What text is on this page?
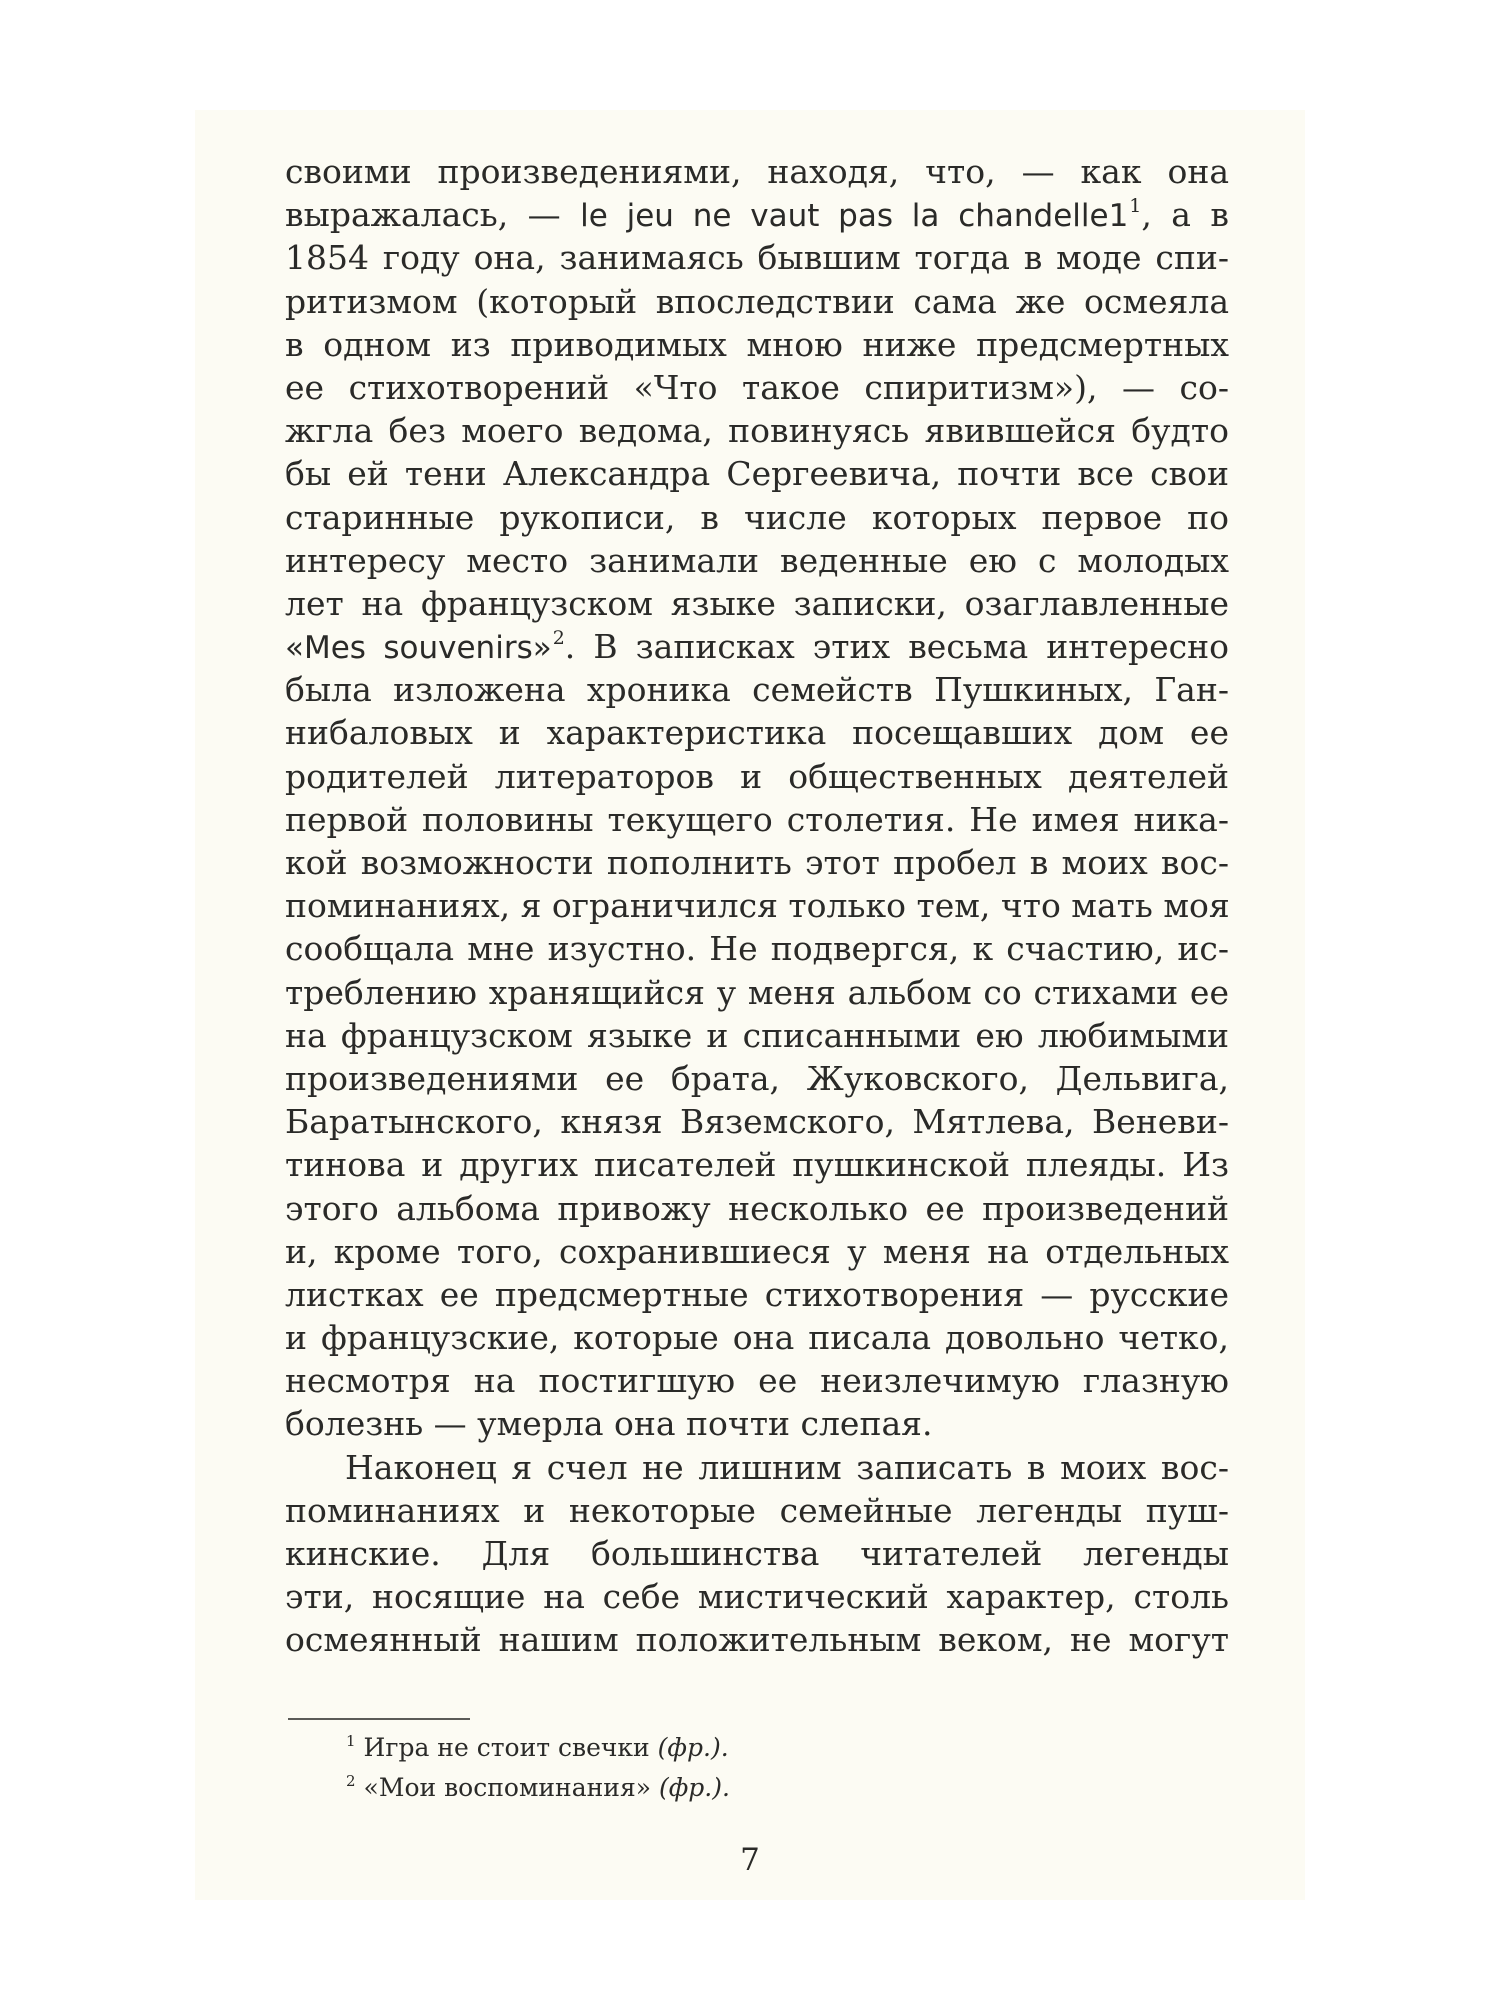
своими произведениями, находя, что, — как она
выражалась, — le jeu ne vaut pas la chandelle1$^1$, а в
1854 году она, занимаясь бывшим тогда в моде спи-
ритизмом (который впоследствии сама же осмеяла
в одном из приводимых мною ниже предсмертных
ее стихотворений «Что такое спиритизм»), — со-
жгла без моего ведома, повинуясь явившейся будто
бы ей тени Александра Сергеевича, почти все свои
старинные рукописи, в числе которых первое по
интересу место занимали веденные ею с молодых
лет на французском языке записки, озаглавленные
«Mes souvenirs»$^2$. В записках этих весьма интересно
была изложена хроника семейств Пушкиных, Ган-
нибаловых и характеристика посещавших дом ее
родителей литераторов и общественных деятелей
первой половины текущего столетия. Не имея ника-
кой возможности пополнить этот пробел в моих вос-
поминаниях, я ограничился только тем, что мать моя
сообщала мне изустно. Не подвергся, к счастию, ис-
треблению хранящийся у меня альбом со стихами ее
на французском языке и списанными ею любимыми
произведениями ее брата, Жуковского, Дельвига,
Баратынского, князя Вяземского, Мятлева, Веневи-
тинова и других писателей пушкинской плеяды. Из
этого альбома привожу несколько ее произведений
и, кроме того, сохранившиеся у меня на отдельных
листках ее предсмертные стихотворения — русские
и французские, которые она писала довольно четко,
несмотря на постигшую ее неизлечимую глазную
болезнь — умерла она почти слепая.
Наконец я счел не лишним записать в моих вос-
поминаниях и некоторые семейные легенды пуш-
кинские. Для большинства читателей легенды
эти, носящие на себе мистический характер, столь
осмеянный нашим положительным веком, не могут
$^1$ Игра не стоит свечки (фр.).
$^2$ «Мои воспоминания» (фр.).
7
